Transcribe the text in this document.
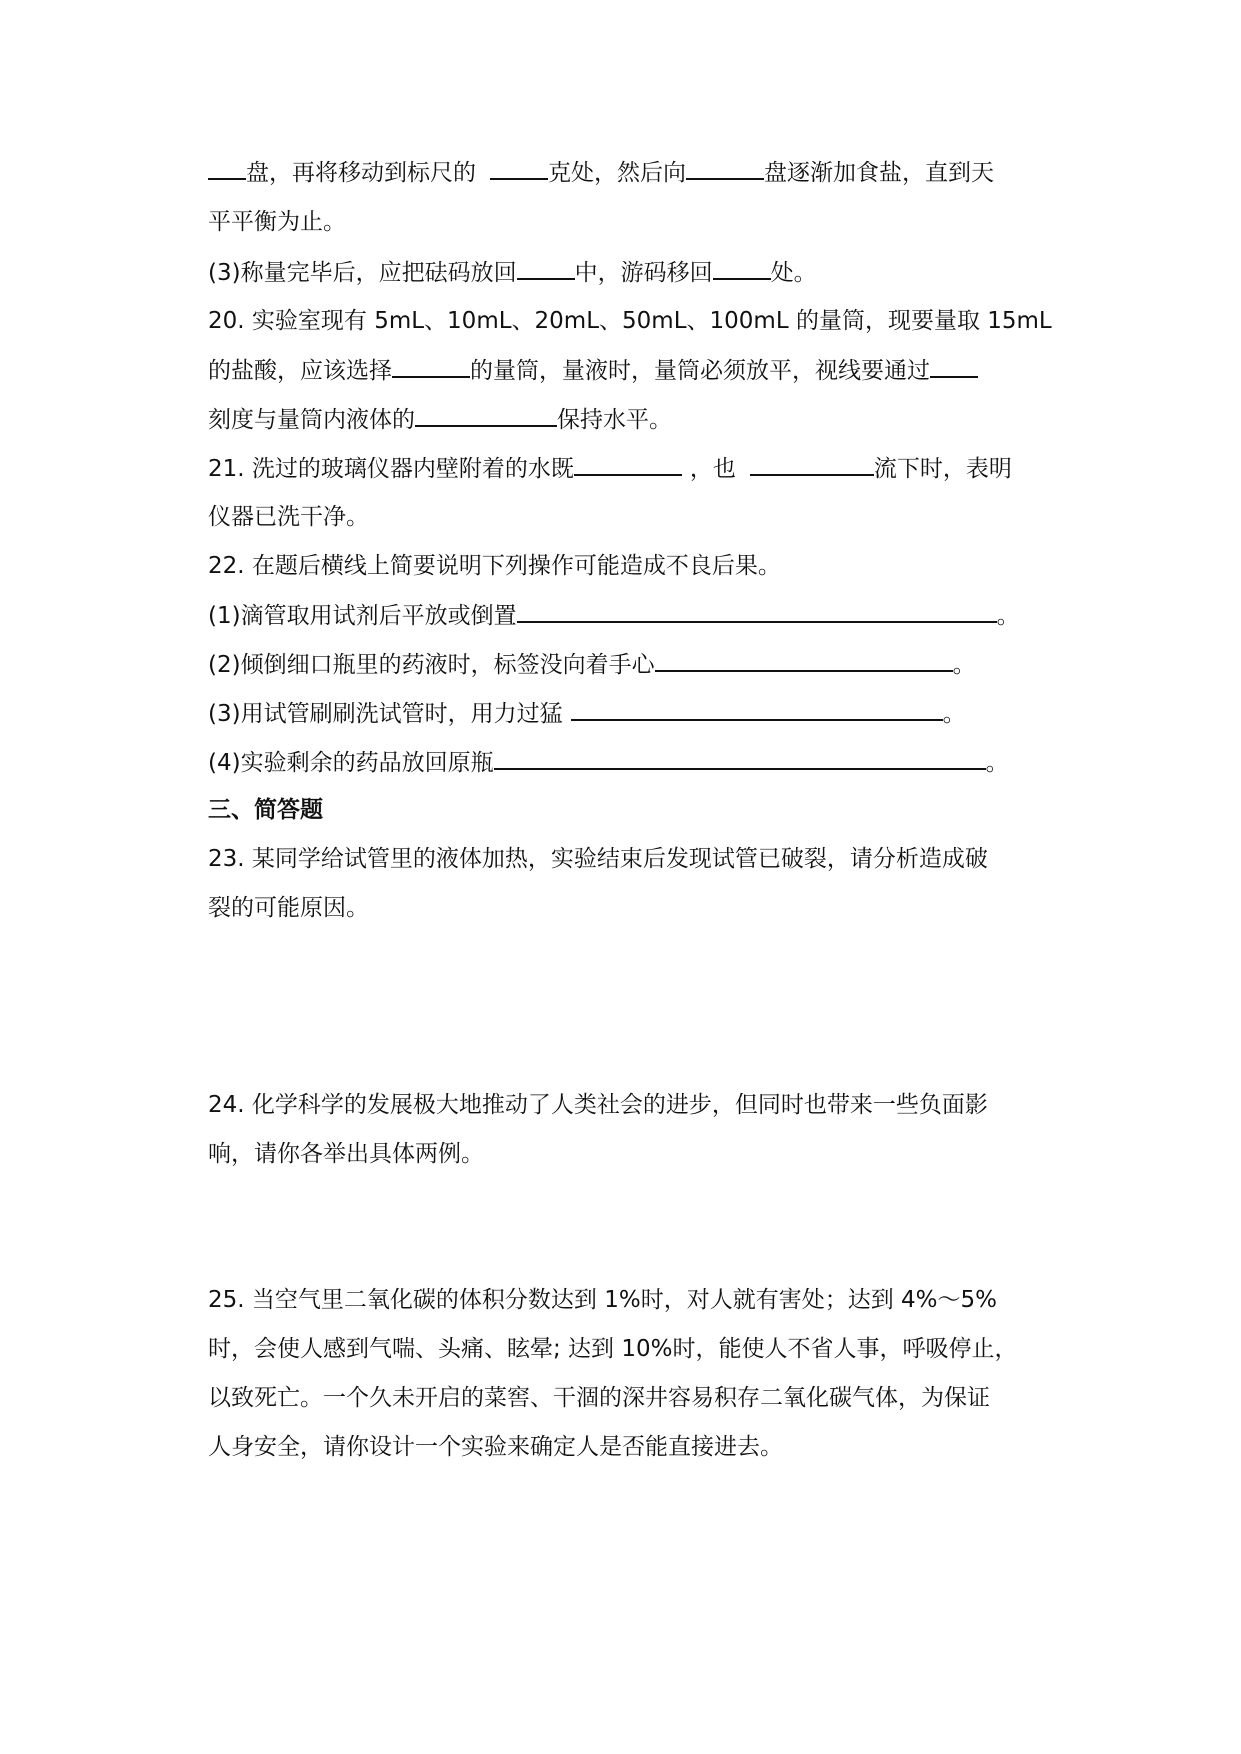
盘，再将移动到标尺的	克处，然后向	盘逐渐加食盐，直到天
平平衡为止。
(3)称量完毕后，应把砝码放回	中，游码移回	处。
20. 实验室现有 5mL、10mL、20mL、50mL、100mL 的量筒，现要量取 15mL
的盐酸，应该选择	的量筒，量液时，量筒必须放平，视线要通过
刻度与量筒内液体的	保持水平。
21. 洗过的玻璃仪器内壁附着的水既	，也	流下时，表明
仪器已洗干净。
22. 在题后横线上简要说明下列操作可能造成不良后果。
(1)滴管取用试剂后平放或倒置	。
(2)倾倒细口瓶里的药液时，标签没向着手心	。
(3)用试管刷刷洗试管时，用力过猛	。
(4)实验剩余的药品放回原瓶	。
三、简答题
23. 某同学给试管里的液体加热，实验结束后发现试管已破裂，请分析造成破
裂的可能原因。
24. 化学科学的发展极大地推动了人类社会的进步，但同时也带来一些负面影
响，请你各举出具体两例。
25. 当空气里二氧化碳的体积分数达到 1%时，对人就有害处；达到 4%～5%
时，会使人感到气喘、头痛、眩晕; 达到 10%时，能使人不省人事，呼吸停止，
以致死亡。一个久未开启的菜窖、干涸的深井容易积存二氧化碳气体，为保证
人身安全，请你设计一个实验来确定人是否能直接进去。
